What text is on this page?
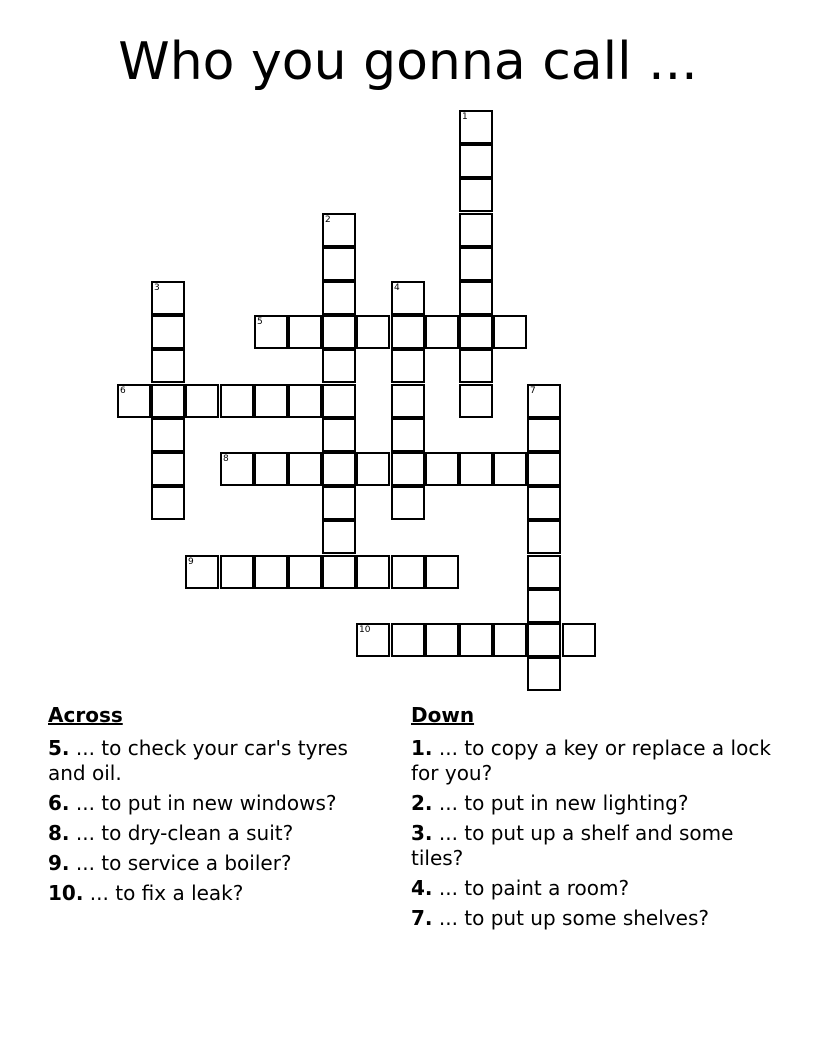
Who you gonna call ...
1
2
3	4
5
6	7
8
9
10
Across
5. ... to check your car's tyres and oil.
6. ... to put in new windows?
8. ... to dry-clean a suit?
9. ... to service a boiler?
10. ... to fix a leak?
Down
1. ... to copy a key or replace a lock for you?
2. ... to put in new lighting?
3. ... to put up a shelf and some tiles?
4. ... to paint a room?
7. ... to put up some shelves?
